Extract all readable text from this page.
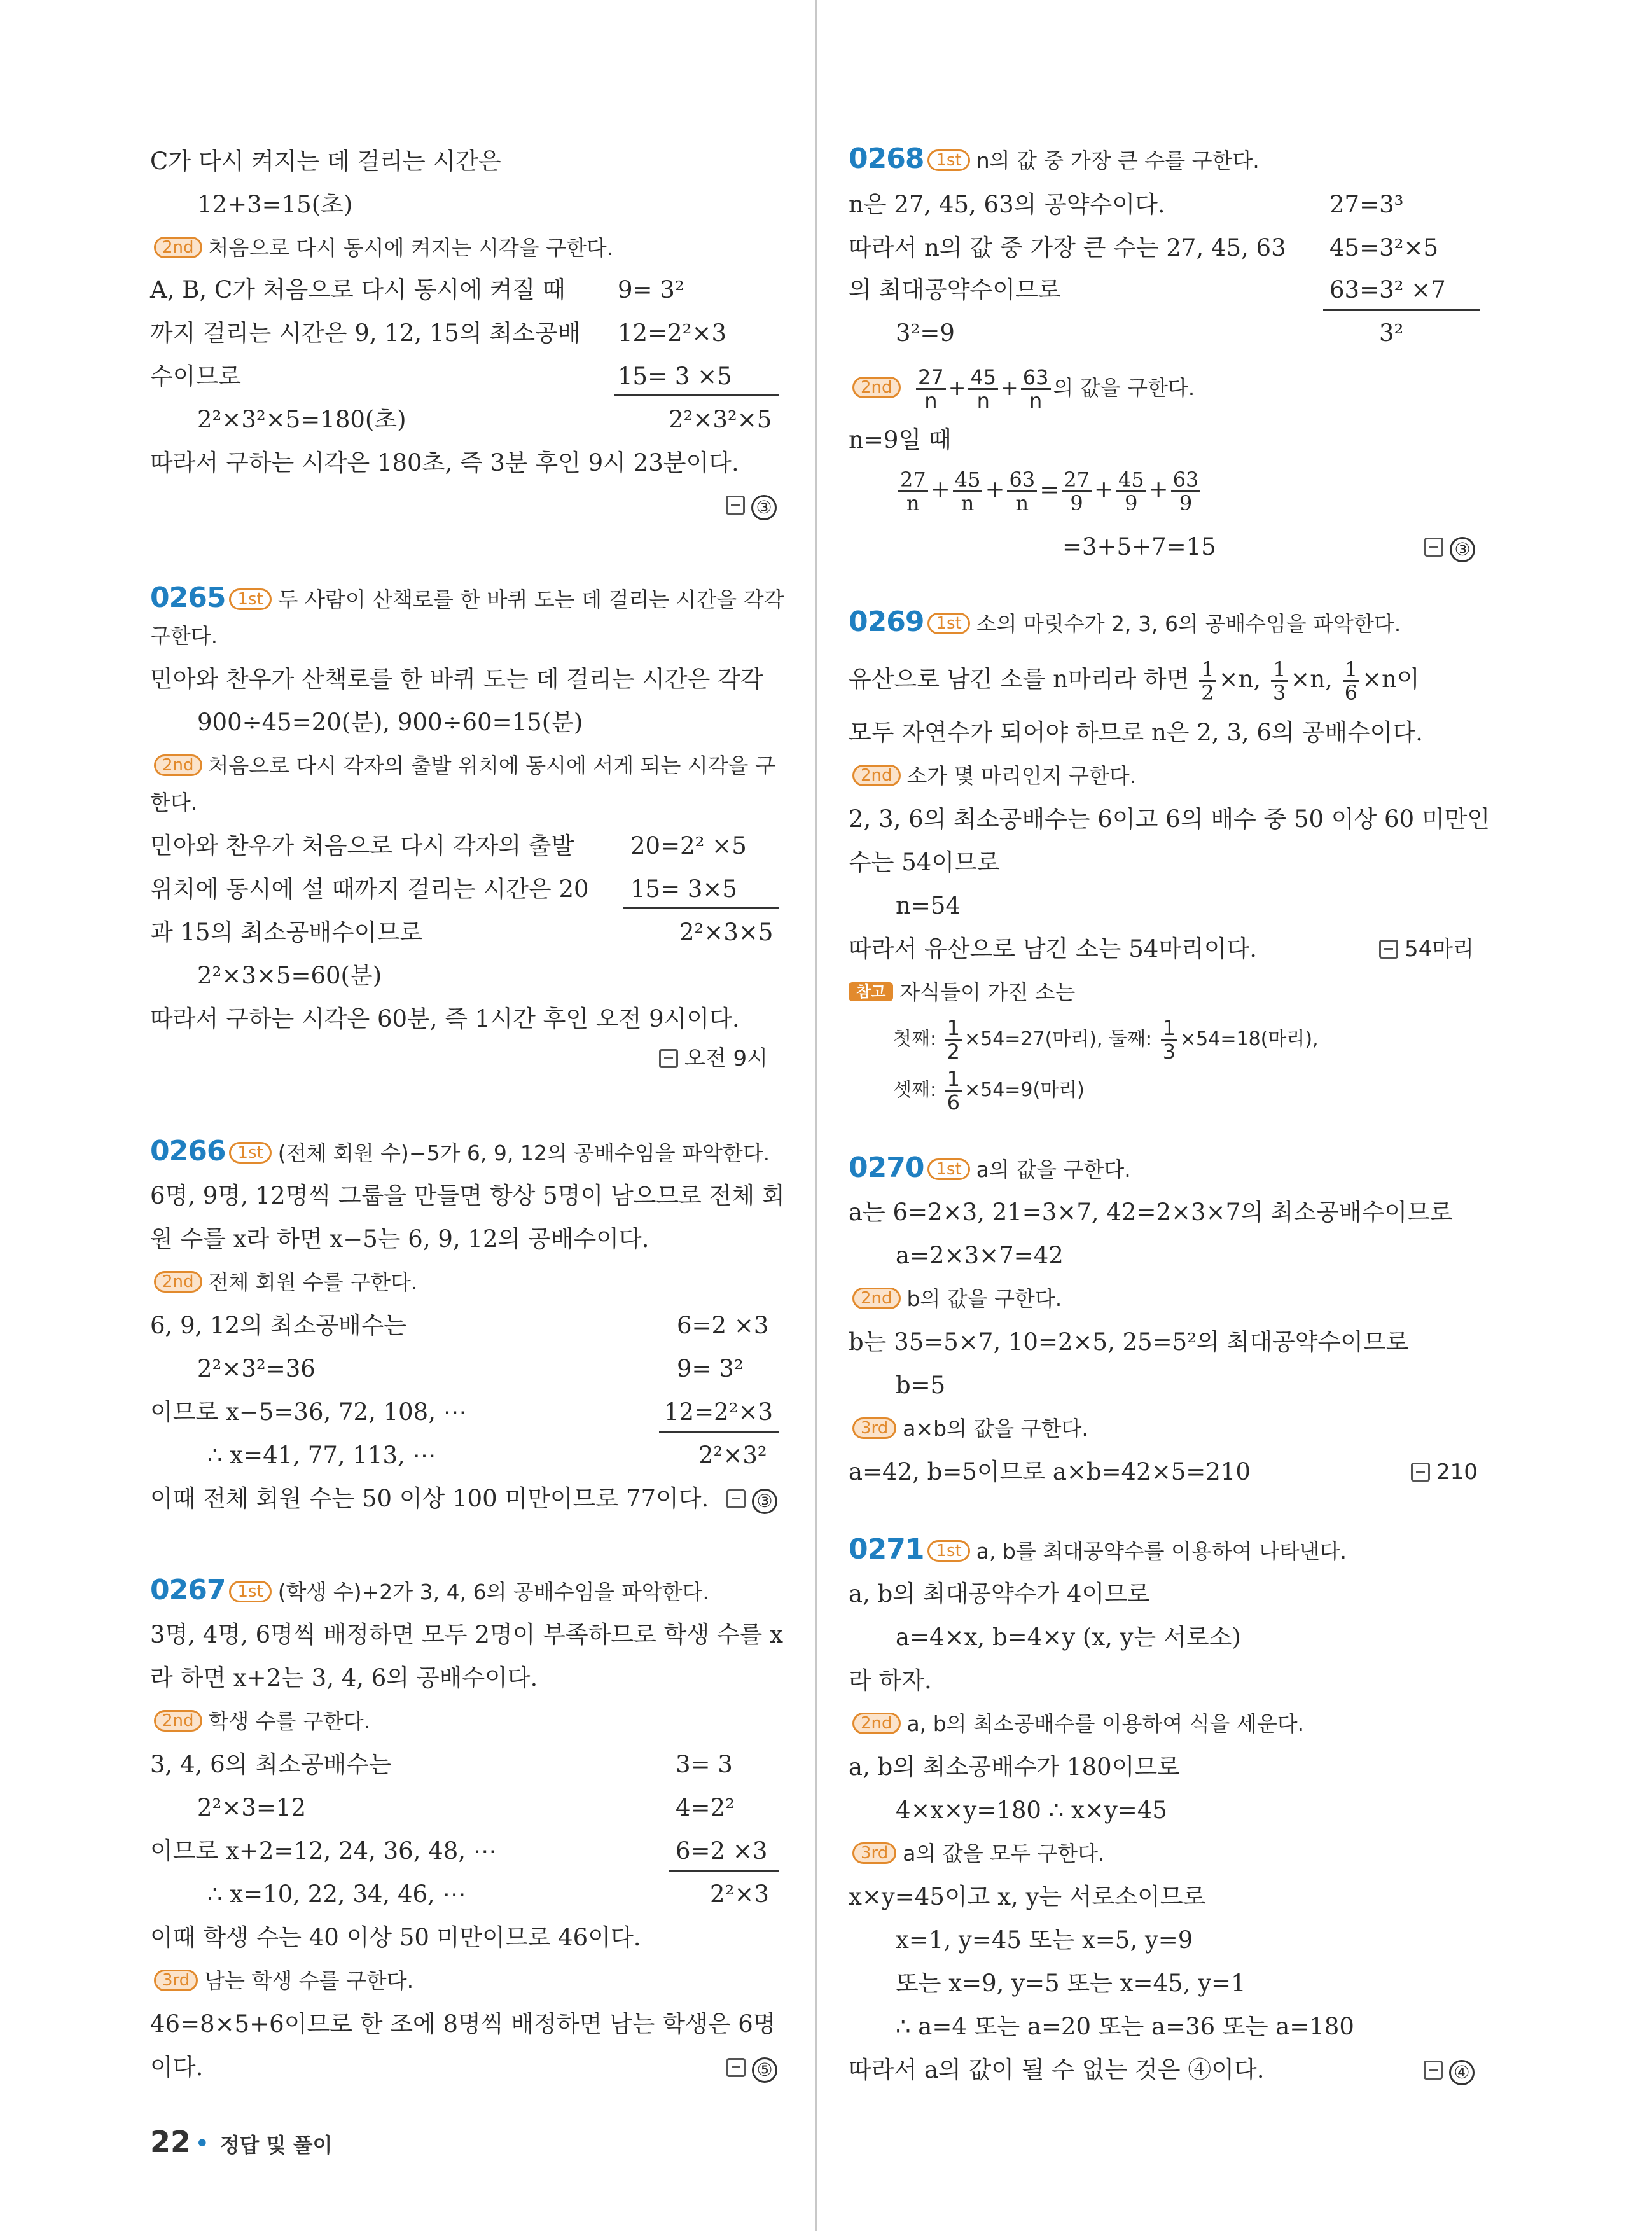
C가 다시 켜지는 데 걸리는 시간은
12+3=15(초)
2nd 처음으로 다시 동시에 켜지는 시각을 구한다.
A, B, C가 처음으로 다시 동시에 켜질 때
까지 걸리는 시간은 9, 12, 15의 최소공배
수이므로
2²×3²×5=180(초)
따라서 구하는 시각은 180초, 즉 3분 후인 9시 23분이다.
9= 3²
12=2²×3
15= 3 ×5
2²×3²×5
③
0265 1st 두 사람이 산책로를 한 바퀴 도는 데 걸리는 시간을 각각
구한다.
민아와 찬우가 산책로를 한 바퀴 도는 데 걸리는 시간은 각각
900÷45=20(분), 900÷60=15(분)
2nd 처음으로 다시 각자의 출발 위치에 동시에 서게 되는 시각을 구
한다.
민아와 찬우가 처음으로 다시 각자의 출발
위치에 동시에 설 때까지 걸리는 시간은 20
과 15의 최소공배수이므로
2²×3×5=60(분)
따라서 구하는 시각은 60분, 즉 1시간 후인 오전 9시이다.
20=2² ×5
15= 3×5
2²×3×5
오전 9시
0266 1st (전체 회원 수)−5가 6, 9, 12의 공배수임을 파악한다.
6명, 9명, 12명씩 그룹을 만들면 항상 5명이 남으므로 전체 회
원 수를 x라 하면 x−5는 6, 9, 12의 공배수이다.
2nd 전체 회원 수를 구한다.
6, 9, 12의 최소공배수는
2²×3²=36
이므로 x−5=36, 72, 108, ⋯
∴ x=41, 77, 113, ⋯
이때 전체 회원 수는 50 이상 100 미만이므로 77이다.
6=2 ×3
9= 3²
12=2²×3
2²×3²
③
0267 1st (학생 수)+2가 3, 4, 6의 공배수임을 파악한다.
3명, 4명, 6명씩 배정하면 모두 2명이 부족하므로 학생 수를 x
라 하면 x+2는 3, 4, 6의 공배수이다.
2nd 학생 수를 구한다.
3, 4, 6의 최소공배수는
2²×3=12
이므로 x+2=12, 24, 36, 48, ⋯
∴ x=10, 22, 34, 46, ⋯
이때 학생 수는 40 이상 50 미만이므로 46이다.
3rd 남는 학생 수를 구한다.
46=8×5+6이므로 한 조에 8명씩 배정하면 남는 학생은 6명
이다.
3= 3
4=2²
6=2 ×3
2²×3
⑤
0268 1st n의 값 중 가장 큰 수를 구한다.
n은 27, 45, 63의 공약수이다.
따라서 n의 값 중 가장 큰 수는 27, 45, 63
의 최대공약수이므로
3²=9
27=3³
45=3²×5
63=3² ×7
3²
$2nd \frac{27}{n} + \frac{45}{n} + \frac{63}{n}$ 의 값을 구한다.
n=9일 때
$\frac{27}{n} + \frac{45}{n} + \frac{63}{n} = \frac{27}{9} + \frac{45}{9} + \frac{63}{9}$
=3+5+7=15	③
0269 1st 소의 마릿수가 2, 3, 6의 공배수임을 파악한다.
유산으로 남긴 소를 n마리라 하면 $\frac{1}{2} \times n$, $\frac{1}{3} \times n$, $\frac{1}{6} \times n$이
모두 자연수가 되어야 하므로 n은 2, 3, 6의 공배수이다.
2nd 소가 몇 마리인지 구한다.
2, 3, 6의 최소공배수는 6이고 6의 배수 중 50 이상 60 미만인
수는 54이므로
n=54
따라서 유산으로 남긴 소는 54마리이다.	54마리
참고 자식들이 가진 소는
첫째: $\frac{1}{2} \times 54=27$(마리), 둘째: $\frac{1}{3} \times 54=18$(마리),
셋째: $\frac{1}{6} \times 54=9$(마리)
0270 1st a의 값을 구한다.
a는 6=2×3, 21=3×7, 42=2×3×7의 최소공배수이므로
a=2×3×7=42
2nd b의 값을 구한다.
b는 35=5×7, 10=2×5, 25=5²의 최대공약수이므로
b=5
3rd a×b의 값을 구한다.
a=42, b=5이므로 a×b=42×5=210	210
0271 1st a, b를 최대공약수를 이용하여 나타낸다.
a, b의 최대공약수가 4이므로
a=4×x, b=4×y (x, y는 서로소)
라 하자.
2nd a, b의 최소공배수를 이용하여 식을 세운다.
a, b의 최소공배수가 180이므로
4×x×y=180 ∴ x×y=45
3rd a의 값을 모두 구한다.
x×y=45이고 x, y는 서로소이므로
x=1, y=45 또는 x=5, y=9
또는 x=9, y=5 또는 x=45, y=1
∴ a=4 또는 a=20 또는 a=36 또는 a=180
따라서 a의 값이 될 수 없는 것은 ④이다.	④
22 • 정답 및 풀이
